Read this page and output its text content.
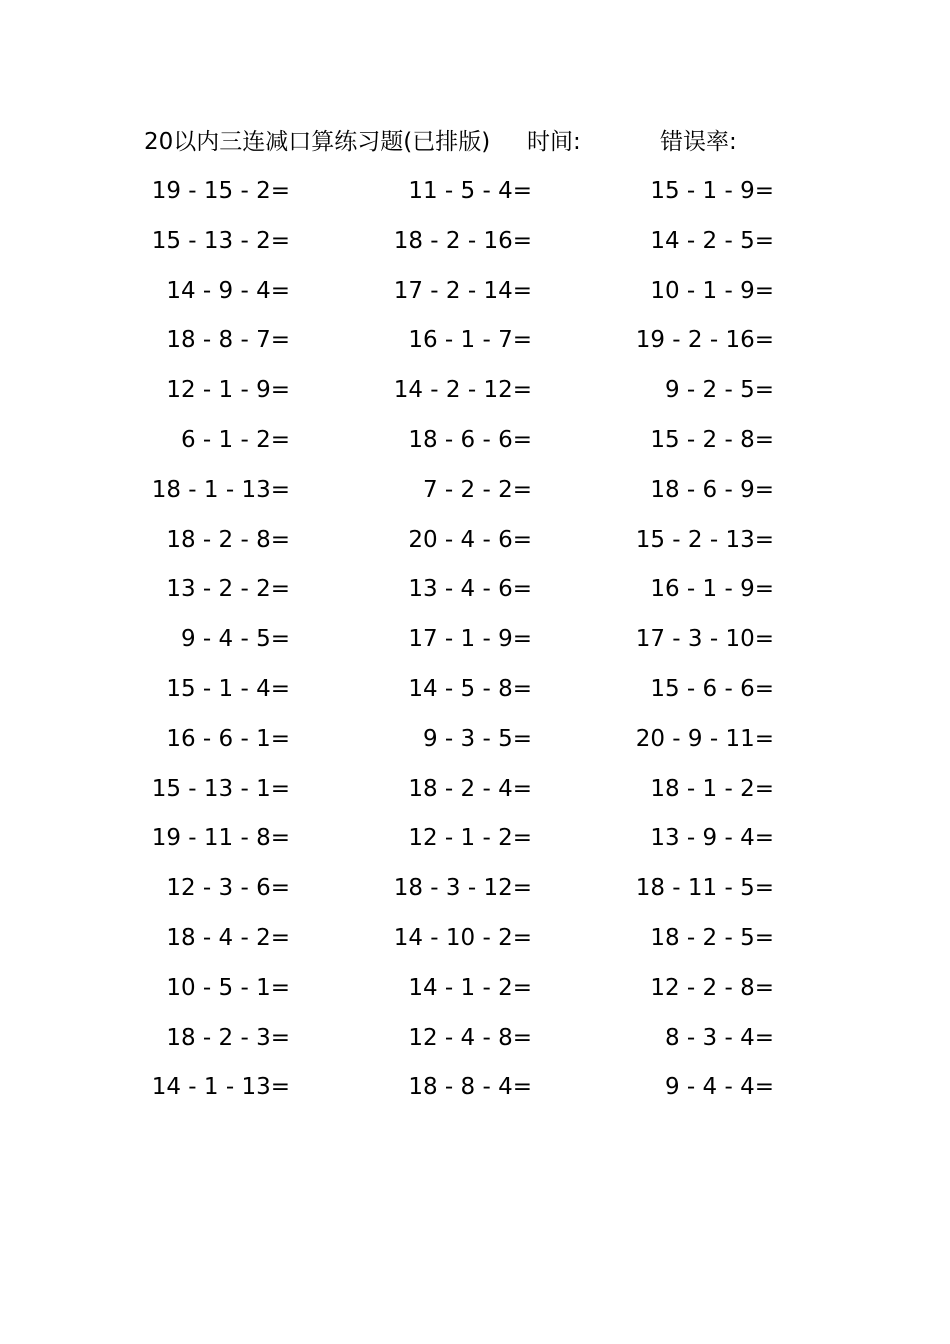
20以内三连减口算练习题(已排版) 时间:	错误率:
19 - 15 - 2=	11 - 5 - 4=	15 - 1 - 9=
15 - 13 - 2=	18 - 2 - 16=	14 - 2 - 5=
14 - 9 - 4=	17 - 2 - 14=	10 - 1 - 9=
18 - 8 - 7=	16 - 1 - 7=	19 - 2 - 16=
12 - 1 - 9=	14 - 2 - 12=	9 - 2 - 5=
6 - 1 - 2=	18 - 6 - 6=	15 - 2 - 8=
18 - 1 - 13=	7 - 2 - 2=	18 - 6 - 9=
18 - 2 - 8=	20 - 4 - 6=	15 - 2 - 13=
13 - 2 - 2=	13 - 4 - 6=	16 - 1 - 9=
9 - 4 - 5=	17 - 1 - 9=	17 - 3 - 10=
15 - 1 - 4=	14 - 5 - 8=	15 - 6 - 6=
16 - 6 - 1=	9 - 3 - 5=	20 - 9 - 11=
15 - 13 - 1=	18 - 2 - 4=	18 - 1 - 2=
19 - 11 - 8=	12 - 1 - 2=	13 - 9 - 4=
12 - 3 - 6=	18 - 3 - 12=	18 - 11 - 5=
18 - 4 - 2=	14 - 10 - 2=	18 - 2 - 5=
10 - 5 - 1=	14 - 1 - 2=	12 - 2 - 8=
18 - 2 - 3=	12 - 4 - 8=	8 - 3 - 4=
14 - 1 - 13=	18 - 8 - 4=	9 - 4 - 4=
